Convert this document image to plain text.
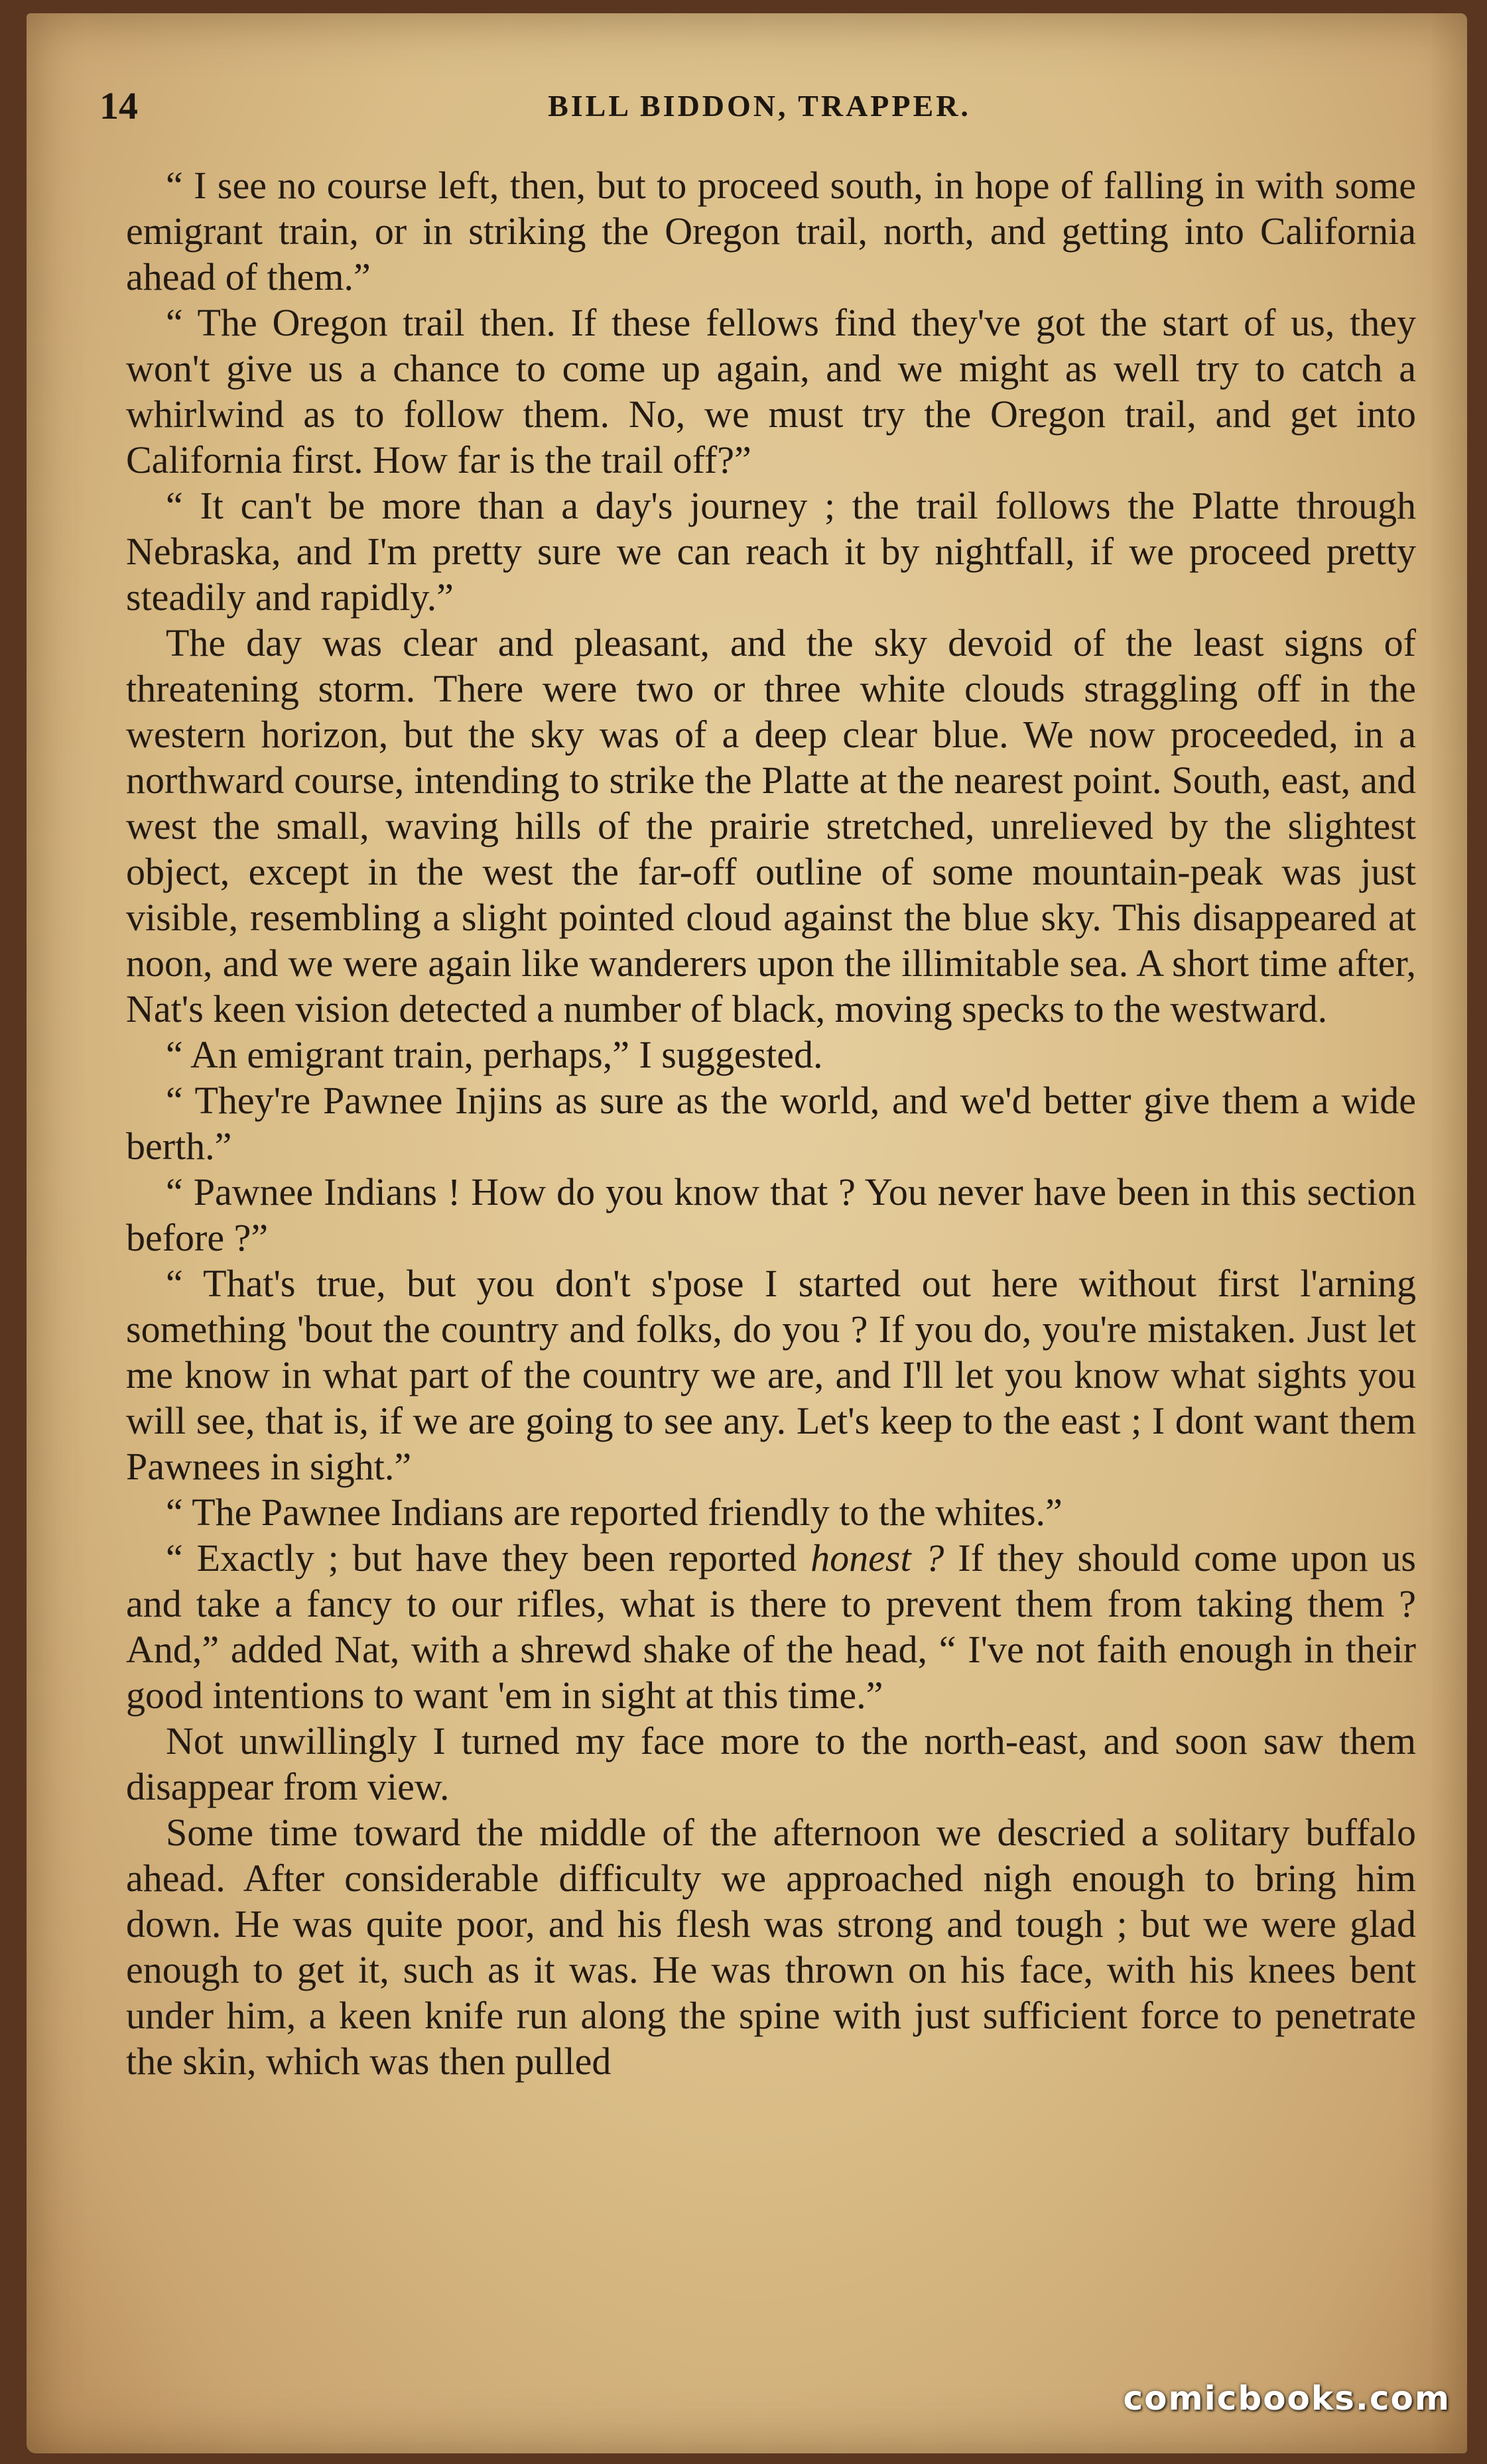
14	BILL BIDDON, TRAPPER.

“ I see no course left, then, but to proceed south, in hope of falling in with some emigrant train, or in striking the Oregon trail, north, and getting into California ahead of them.”

“ The Oregon trail then. If these fellows find they've got the start of us, they won't give us a chance to come up again, and we might as well try to catch a whirlwind as to follow them. No, we must try the Oregon trail, and get into California first. How far is the trail off?”

“ It can't be more than a day's journey ; the trail follows the Platte through Nebraska, and I'm pretty sure we can reach it by nightfall, if we proceed pretty steadily and rapidly.”

The day was clear and pleasant, and the sky devoid of the least signs of threatening storm. There were two or three white clouds straggling off in the western horizon, but the sky was of a deep clear blue. We now proceeded, in a northward course, intending to strike the Platte at the nearest point. South, east, and west the small, waving hills of the prairie stretched, unrelieved by the slightest object, except in the west the far-off outline of some mountain-peak was just visible, resembling a slight pointed cloud against the blue sky. This disappeared at noon, and we were again like wanderers upon the illimitable sea. A short time after, Nat's keen vision detected a number of black, moving specks to the westward.

“ An emigrant train, perhaps,” I suggested.

“ They're Pawnee Injins as sure as the world, and we'd better give them a wide berth.”

“ Pawnee Indians ! How do you know that ? You never have been in this section before ?”

“ That's true, but you don't s'pose I started out here without first l'arning something 'bout the country and folks, do you ? If you do, you're mistaken. Just let me know in what part of the country we are, and I'll let you know what sights you will see, that is, if we are going to see any. Let's keep to the east ; I dont want them Pawnees in sight.”

“ The Pawnee Indians are reported friendly to the whites.”

“ Exactly ; but have they been reported honest ? If they should come upon us and take a fancy to our rifles, what is there to prevent them from taking them ? And,” added Nat, with a shrewd shake of the head, “ I've not faith enough in their good intentions to want 'em in sight at this time.”

Not unwillingly I turned my face more to the north-east, and soon saw them disappear from view.

Some time toward the middle of the afternoon we descried a solitary buffalo ahead. After considerable difficulty we approached nigh enough to bring him down. He was quite poor, and his flesh was strong and tough ; but we were glad enough to get it, such as it was. He was thrown on his face, with his knees bent under him, a keen knife run along the spine with just sufficient force to penetrate the skin, which was then pulled

comicbooks.com
